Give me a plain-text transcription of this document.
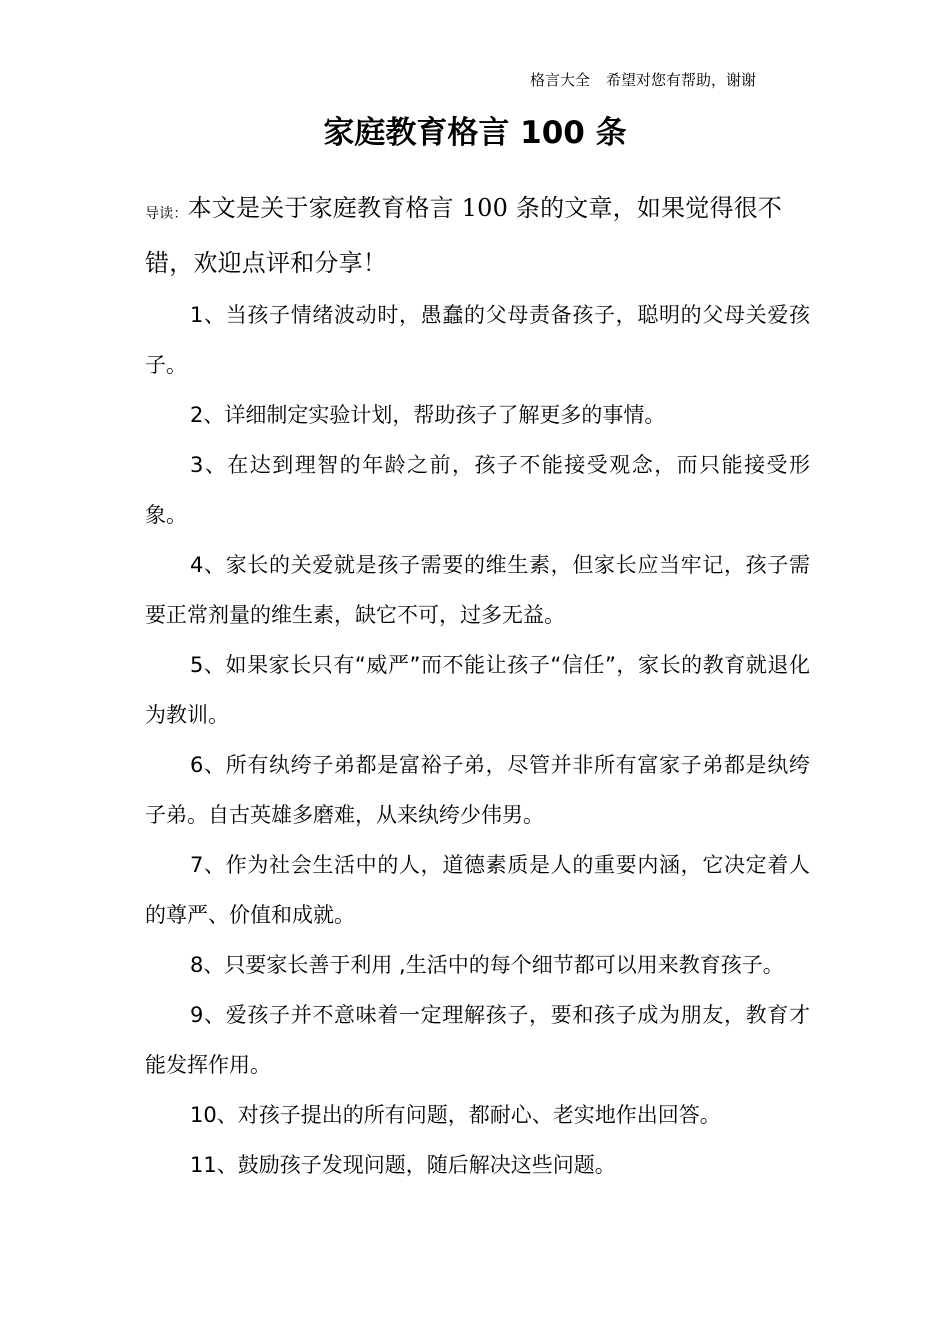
格言大全 希望对您有帮助，谢谢
家庭教育格言 100 条

导读：本文是关于家庭教育格言 100 条的文章，如果觉得很不错，欢迎点评和分享！

1、当孩子情绪波动时，愚蠢的父母责备孩子，聪明的父母关爱孩子。

2、详细制定实验计划，帮助孩子了解更多的事情。

3、在达到理智的年龄之前，孩子不能接受观念，而只能接受形象。

4、家长的关爱就是孩子需要的维生素，但家长应当牢记，孩子需要正常剂量的维生素，缺它不可，过多无益。

5、如果家长只有“威严”而不能让孩子“信任”，家长的教育就退化为教训。

6、所有纨绔子弟都是富裕子弟，尽管并非所有富家子弟都是纨绔子弟。自古英雄多磨难，从来纨绔少伟男。

7、作为社会生活中的人，道德素质是人的重要内涵，它决定着人的尊严、价值和成就。

8、只要家长善于利用 ,生活中的每个细节都可以用来教育孩子。

9、爱孩子并不意味着一定理解孩子，要和孩子成为朋友，教育才能发挥作用。

10、对孩子提出的所有问题，都耐心、老实地作出回答。

11、鼓励孩子发现问题，随后解决这些问题。
